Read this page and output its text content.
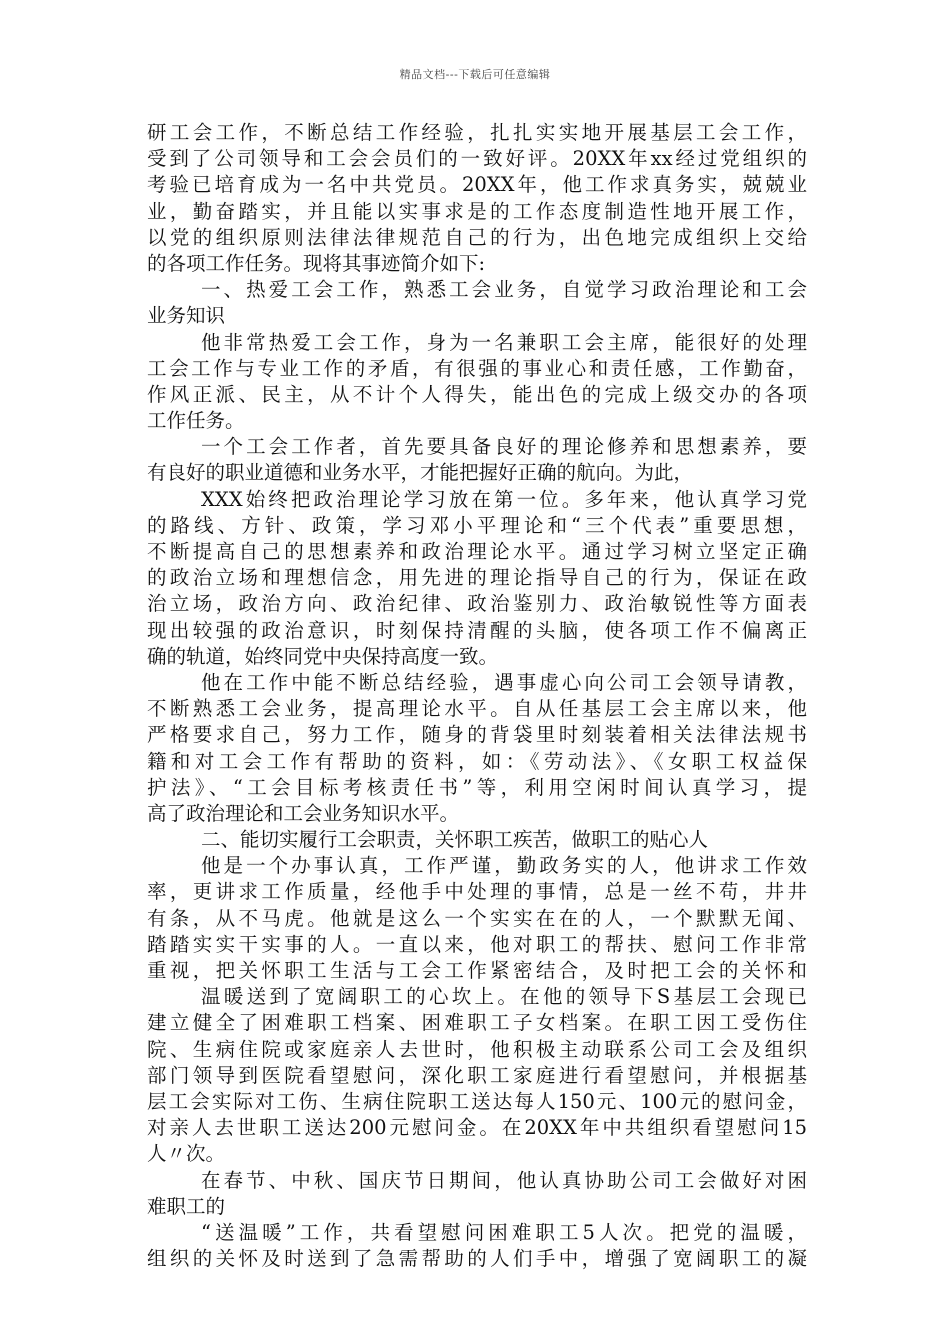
精品文档---下载后可任意编辑
研工会工作，不断总结工作经验，扎扎实实地开展基层工会工作，
受到了公司领导和工会会员们的一致好评。20XX年xx经过党组织的
考验已培育成为一名中共党员。20XX年，他工作求真务实，兢兢业
业，勤奋踏实，并且能以实事求是的工作态度制造性地开展工作，
以党的组织原则法律法律规范自己的行为，出色地完成组织上交给
的各项工作任务。现将其事迹简介如下:
一、热爱工会工作，熟悉工会业务，自觉学习政治理论和工会
业务知识
他非常热爱工会工作，身为一名兼职工会主席，能很好的处理
工会工作与专业工作的矛盾，有很强的事业心和责任感，工作勤奋，
作风正派、民主，从不计个人得失，能出色的完成上级交办的各项
工作任务。
一个工会工作者，首先要具备良好的理论修养和思想素养，要
有良好的职业道德和业务水平，才能把握好正确的航向。为此，
XXX始终把政治理论学习放在第一位。多年来，他认真学习党
的路线、方针、政策，学习邓小平理论和“三个代表”重要思想，
不断提高自己的思想素养和政治理论水平。通过学习树立坚定正确
的政治立场和理想信念，用先进的理论指导自己的行为，保证在政
治立场，政治方向、政治纪律、政治鉴别力、政治敏锐性等方面表
现出较强的政治意识，时刻保持清醒的头脑，使各项工作不偏离正
确的轨道，始终同党中央保持高度一致。
他在工作中能不断总结经验，遇事虚心向公司工会领导请教，
不断熟悉工会业务，提高理论水平。自从任基层工会主席以来，他
严格要求自己，努力工作，随身的背袋里时刻装着相关法律法规书
籍和对工会工作有帮助的资料，如：《劳动法》、《女职工权益保
护法》、“工会目标考核责任书”等，利用空闲时间认真学习，提
高了政治理论和工会业务知识水平。
二、能切实履行工会职责，关怀职工疾苦，做职工的贴心人
他是一个办事认真，工作严谨，勤政务实的人，他讲求工作效
率，更讲求工作质量，经他手中处理的事情，总是一丝不苟，井井
有条，从不马虎。他就是这么一个实实在在的人，一个默默无闻、
踏踏实实干实事的人。一直以来，他对职工的帮扶、慰问工作非常
重视，把关怀职工生活与工会工作紧密结合，及时把工会的关怀和
温暖送到了宽阔职工的心坎上。在他的领导下S基层工会现已
建立健全了困难职工档案、困难职工子女档案。在职工因工受伤住
院、生病住院或家庭亲人去世时，他积极主动联系公司工会及组织
部门领导到医院看望慰问，深化职工家庭进行看望慰问，并根据基
层工会实际对工伤、生病住院职工送达每人150元、100元的慰问金，
对亲人去世职工送达200元慰问金。在20XX年中共组织看望慰问15
人〃次。
在春节、中秋、国庆节日期间，他认真协助公司工会做好对困
难职工的
“送温暖”工作，共看望慰问困难职工5人次。把党的温暖，
组织的关怀及时送到了急需帮助的人们手中，增强了宽阔职工的凝
